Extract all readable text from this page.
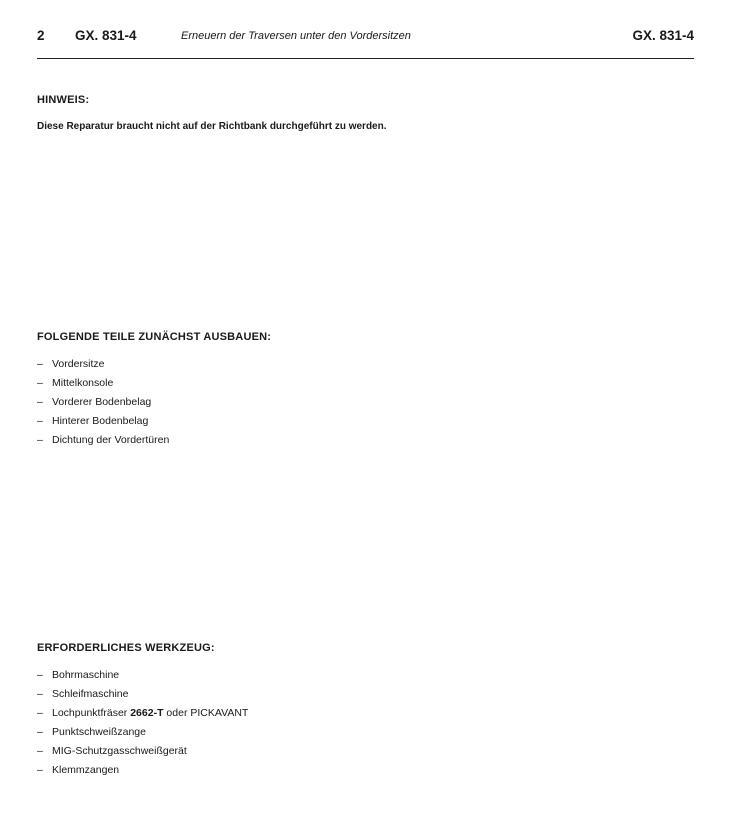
2 GX. 831-4	Erneuern der Traversen unter den Vordersitzen	GX. 831-4
HINWEIS:
Diese Reparatur braucht nicht auf der Richtbank durchgeführt zu werden.
FOLGENDE TEILE ZUNÄCHST AUSBAUEN:
– Vordersitze
– Mittelkonsole
– Vorderer Bodenbelag
– Hinterer Bodenbelag
– Dichtung der Vordertüren
ERFORDERLICHES WERKZEUG:
– Bohrmaschine
– Schleifmaschine
– Lochpunktfräser 2662-T oder PICKAVANT
– Punktschweißzange
– MIG-Schutzgasschweißgerät
– Klemmzangen
